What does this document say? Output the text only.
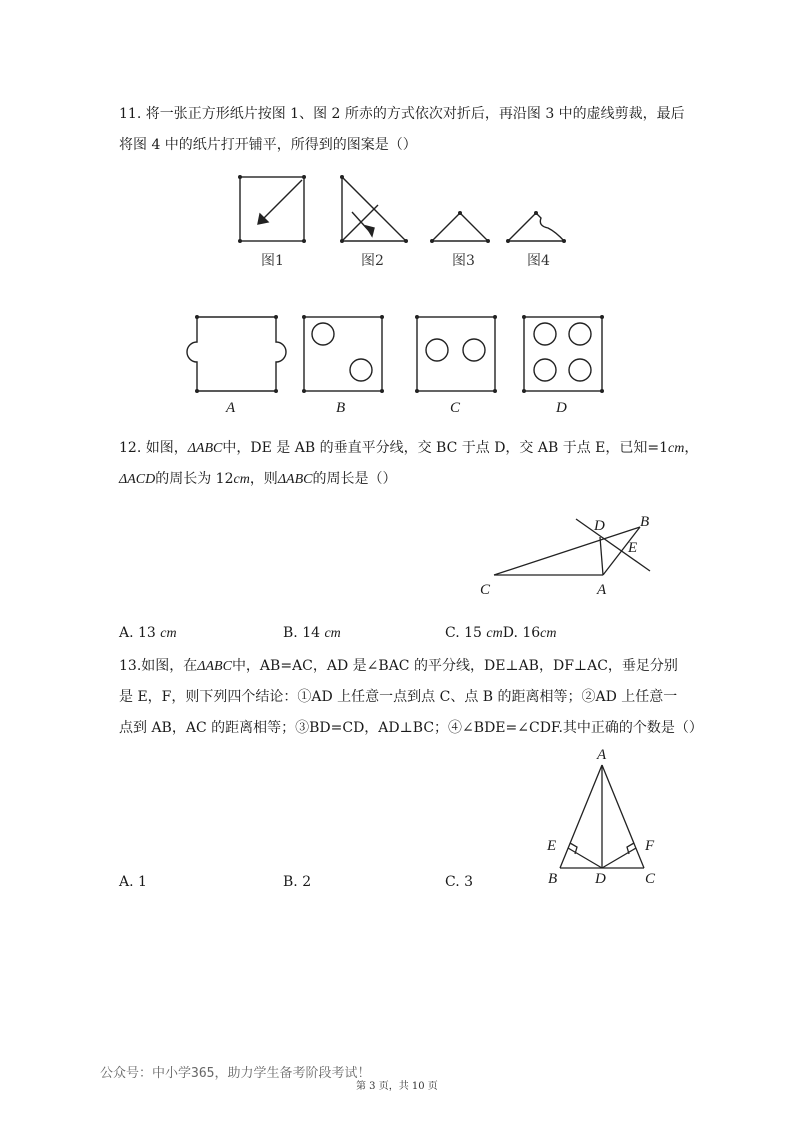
11. 将一张正方形纸片按图 1、图 2 所赤的方式依次对折后，再沿图 3 中的虚线剪裁，最后
将图 4 中的纸片打开铺平，所得到的图案是（）
图1	图2	图3	图4
A	B	C	D
12. 如图，ΔABC中，DE 是 AB 的垂直平分线，交 BC 于点 D，交 AB 于点 E，已知=1cm，
ΔACD的周长为 12cm，则ΔABC的周长是（）
D B
E
C	A
A. 13 cm	B. 14 cm	C. 15 cmD. 16cm
13.如图，在ΔABC中，AB=AC，AD 是∠BAC 的平分线，DE⊥AB，DF⊥AC，垂足分别
是 E，F，则下列四个结论：①AD 上任意一点到点 C、点 B 的距离相等；②AD 上任意一
点到 AB，AC 的距离相等；③BD=CD，AD⊥BC；④∠BDE=∠CDF.其中正确的个数是（）
A
E	F
B	D	C
A. 1	B. 2	C. 3
公众号：中小学365，助力学生备考阶段考试！
第 3 页，共 10 页
